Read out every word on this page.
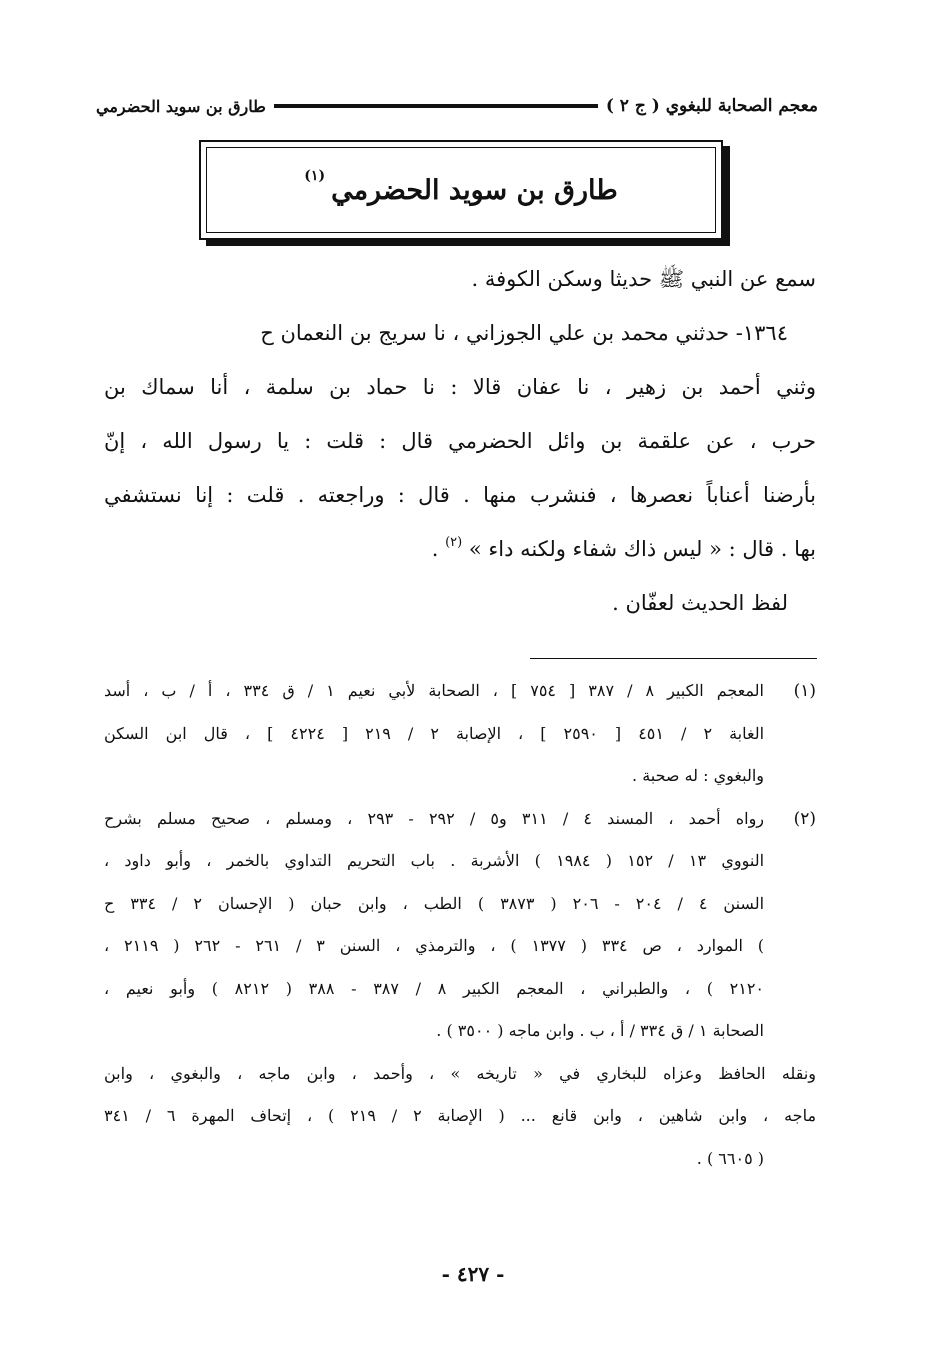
معجم الصحابة للبغوي ( ج ٢ )
طارق بن سويد الحضرمي
طارق بن سويد الحضرمي
(١)
سمع عن النبي ﷺ حديثا وسكن الكوفة .
١٣٦٤- حدثني محمد بن علي الجوزاني ، نا سريج بن النعمان ح
وثني أحمد بن زهير ، نا عفان قالا : نا حماد بن سلمة ، أنا سماك بن
حرب ، عن علقمة بن وائل الحضرمي قال : قلت : يا رسول الله ، إنّ
بأرضنا أعناباً نعصرها ، فنشرب منها . قال : وراجعته . قلت : إنا نستشفي
بها . قال : « ليس ذاك شفاء ولكنه داء » $^{(٢)}$ .
لفظ الحديث لعفّان .
(١)
المعجم الكبير ٨ / ٣٨٧ [ ٧٥٤ ] ، الصحابة لأبي نعيم ١ / ق ٣٣٤ ، أ / ب ، أسد
الغابة ٢ / ٤٥١ [ ٢٥٩٠ ] ، الإصابة ٢ / ٢١٩ [ ٤٢٢٤ ] ، قال ابن السكن
والبغوي : له صحبة .
(٢)
رواه أحمد ، المسند ٤ / ٣١١ و٥ / ٢٩٢ - ٢٩٣ ، ومسلم ، صحيح مسلم بشرح
النووي ١٣ / ١٥٢ ( ١٩٨٤ ) الأشربة . باب التحريم التداوي بالخمر ، وأبو داود ،
السنن ٤ / ٢٠٤ - ٢٠٦ ( ٣٨٧٣ ) الطب ، وابن حبان ( الإحسان ٢ / ٣٣٤ ح
) الموارد ، ص ٣٣٤ ( ١٣٧٧ ) ، والترمذي ، السنن ٣ / ٢٦١ - ٢٦٢ ( ٢١١٩ ،
٢١٢٠ ) ، والطبراني ، المعجم الكبير ٨ / ٣٨٧ - ٣٨٨ ( ٨٢١٢ ) وأبو نعيم ،
الصحابة ١ / ق ٣٣٤ / أ ، ب . وابن ماجه ( ٣٥٠٠ ) .
ونقله الحافظ وعزاه للبخاري في « تاريخه » ، وأحمد ، وابن ماجه ، والبغوي ، وابن
ماجه ، وابن شاهين ، وابن قانع ... ( الإصابة ٢ / ٢١٩ ) ، إتحاف المهرة ٦ / ٣٤١
( ٦٦٠٥ ) .
- ٤٢٧ -
